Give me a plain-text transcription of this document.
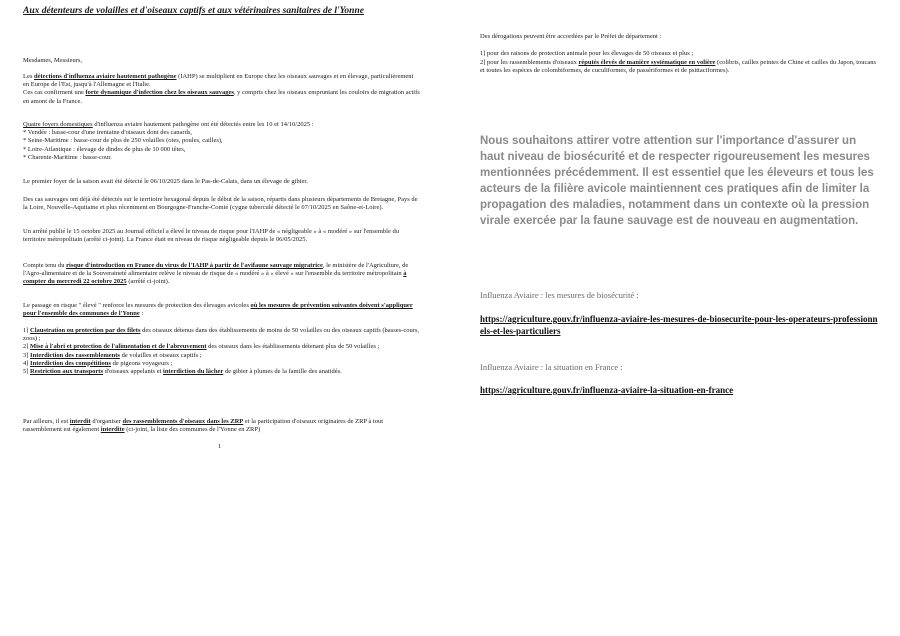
Aux détenteurs de volailles et d'oiseaux captifs et aux vétérinaires sanitaires de l'Yonne
Mesdames, Messieurs,

Les détections d'influenza aviaire hautement pathogène (IAHP) se multiplient en Europe chez les oiseaux sauvages et en élevage, particulièrement en Europe de l'Est, jusqu'à l'Allemagne et l'Italie.
Ces cas confirment une forte dynamique d'infection chez les oiseaux sauvages, y compris chez les oiseaux empruntant les couloirs de migration actifs en amont de la France.

Quatre foyers domestiques d'influenza aviaire hautement pathogène ont été détectés entre les 10 et 14/10/2025 :

* Vendée : basse-cour d'une trentaine d'oiseaux dont des canards,

* Seine-Maritime : basse-cour de plus de 250 volailles (oies, poules, cailles),

* Loire-Atlantique : élevage de dindes de plus de 10 000 têtes,

* Charente-Maritime : basse-cour.

Le premier foyer de la saison avait été détecté le 06/10/2025 dans le Pas-de-Calais, dans un élevage de gibier.

Des cas sauvages ont déjà été détectés sur le territoire hexagonal depuis le début de la saison, répartis dans plusieurs départements de Bretagne, Pays de la Loire, Nouvelle-Aquitaine et plus récemment en Bourgogne-Franche-Comté (cygne tuberculé détecté le 07/10/2025 en Saône-et-Loire).

Un arrêté publié le 15 octobre 2025 au Journal officiel a élevé le niveau de risque pour l'IAHP de « négligeable » à « modéré » sur l'ensemble du territoire métropolitain (arrêté ci-joint). La France était en niveau de risque négligeable depuis le 06/05/2025.

Compte tenu du risque d'introduction en France du virus de l'IAHP à partir de l'avifaune sauvage migratrice, le ministère de l'Agriculture, de l'Agro-alimentaire et de la Souveraineté alimentaire relève le niveau de risque de « modéré » à « élevé » sur l'ensemble du territoire métropolitain à compter du mercredi 22 octobre 2025 (arrêté ci-joint).

Le passage en risque " élevé " renforce les mesures de protection des élevages avicoles où les mesures de prévention suivantes doivent s'appliquer pour l'ensemble des communes de l'Yonne :

1] Claustration ou protection par des filets des oiseaux détenus dans des établissements de moins de 50 volailles ou des oiseaux captifs (basses-cours, zoos) ;

2] Mise à l'abri et protection de l'alimentation et de l'abreuvement des oiseaux dans les établissements détenant plus de 50 volailles ;

3] Interdiction des rassemblements de volailles et oiseaux captifs ;

4] Interdiction des compétitions de pigeons voyageurs ;

5] Restriction aux transports d'oiseaux appelants et interdiction du lâcher de gibier à plumes de la famille des anatidés.

Par ailleurs, il est interdit d'organiser des rassemblements d'oiseaux dans les ZRP et la participation d'oiseaux originaires de ZRP à tout rassemblement est également interdite (ci-joint, la liste des communes de l'Yonne en ZRP)

1

Des dérogations peuvent être accordées par le Préfet de département :

1] pour des raisons de protection animale pour les élevages de 50 oiseaux et plus ;

2] pour les rassemblements d'oiseaux réputés élevés de manière systématique en volière (colibris, cailles peintes de Chine et cailles du Japon, toucans et toutes les espèces de colombiformes, de cuculiformes, de passériformes et de psittaciformes).

Nous souhaitons attirer votre attention sur l'importance d'assurer un haut niveau de biosécurité et de respecter rigoureusement les mesures mentionnées précédemment. Il est essentiel que les éleveurs et tous les acteurs de la filière avicole maintiennent ces pratiques afin de limiter la propagation des maladies, notamment dans un contexte où la pression virale exercée par la faune sauvage est de nouveau en augmentation.

Influenza Aviaire : les mesures de biosécurité :
https://agriculture.gouv.fr/influenza-aviaire-les-mesures-de-biosecurite-pour-les-operateurs-professionnels-et-les-particuliers
Influenza Aviaire : la situation en France :
https://agriculture.gouv.fr/influenza-aviaire-la-situation-en-france
